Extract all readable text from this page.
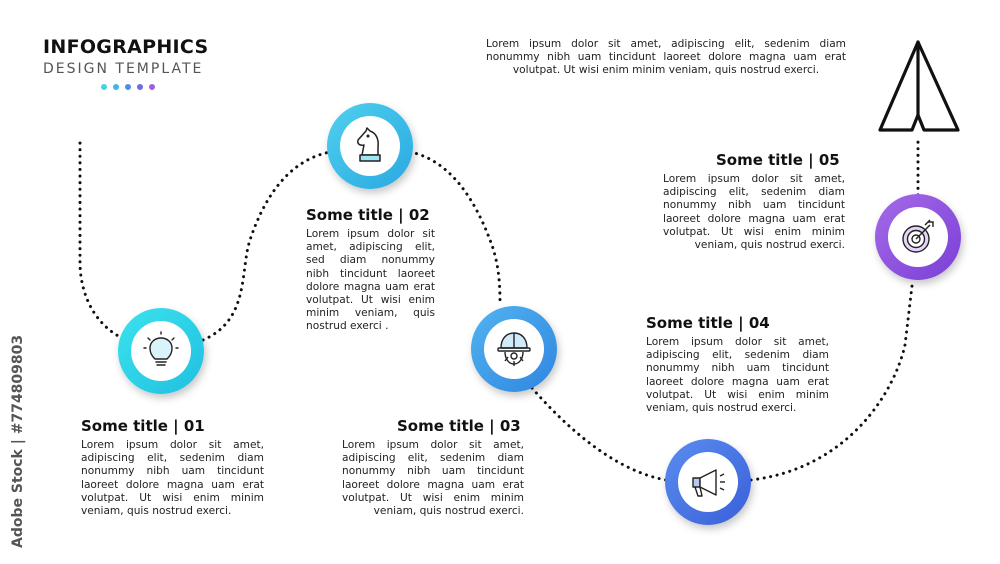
INFOGRAPHICS
DESIGN TEMPLATE
Lorem ipsum dolor sit amet, adipiscing elit, sedenim diam nonummy nibh uam tincidunt laoreet dolore magna uam erat volutpat. Ut wisi enim minim veniam, quis nostrud exerci.
Some title | 01
Lorem ipsum dolor sit amet, adipiscing elit, sedenim diam nonummy nibh uam tincidunt laoreet dolore magna uam erat volutpat. Ut wisi enim minim veniam, quis nostrud exerci.
Some title | 02
Lorem ipsum dolor sit amet, adipiscing elit, sed diam nonummy nibh tincidunt laoreet dolore magna uam erat volutpat. Ut wisi enim minim veniam, quis nostrud exerci .
Some title | 03
Lorem ipsum dolor sit amet, adipiscing elit, sedenim diam nonummy nibh uam tincidunt laoreet dolore magna uam erat volutpat. Ut wisi enim minim veniam, quis nostrud exerci.
Some title | 04
Lorem ipsum dolor sit amet, adipiscing elit, sedenim diam nonummy nibh uam tincidunt laoreet dolore magna uam erat volutpat. Ut wisi enim minim veniam, quis nostrud exerci.
Some title | 05
Lorem ipsum dolor sit amet, adipiscing elit, sedenim diam nonummy nibh uam tincidunt laoreet dolore magna uam erat volutpat. Ut wisi enim minim veniam, quis nostrud exerci.
Adobe Stock | #774809803
